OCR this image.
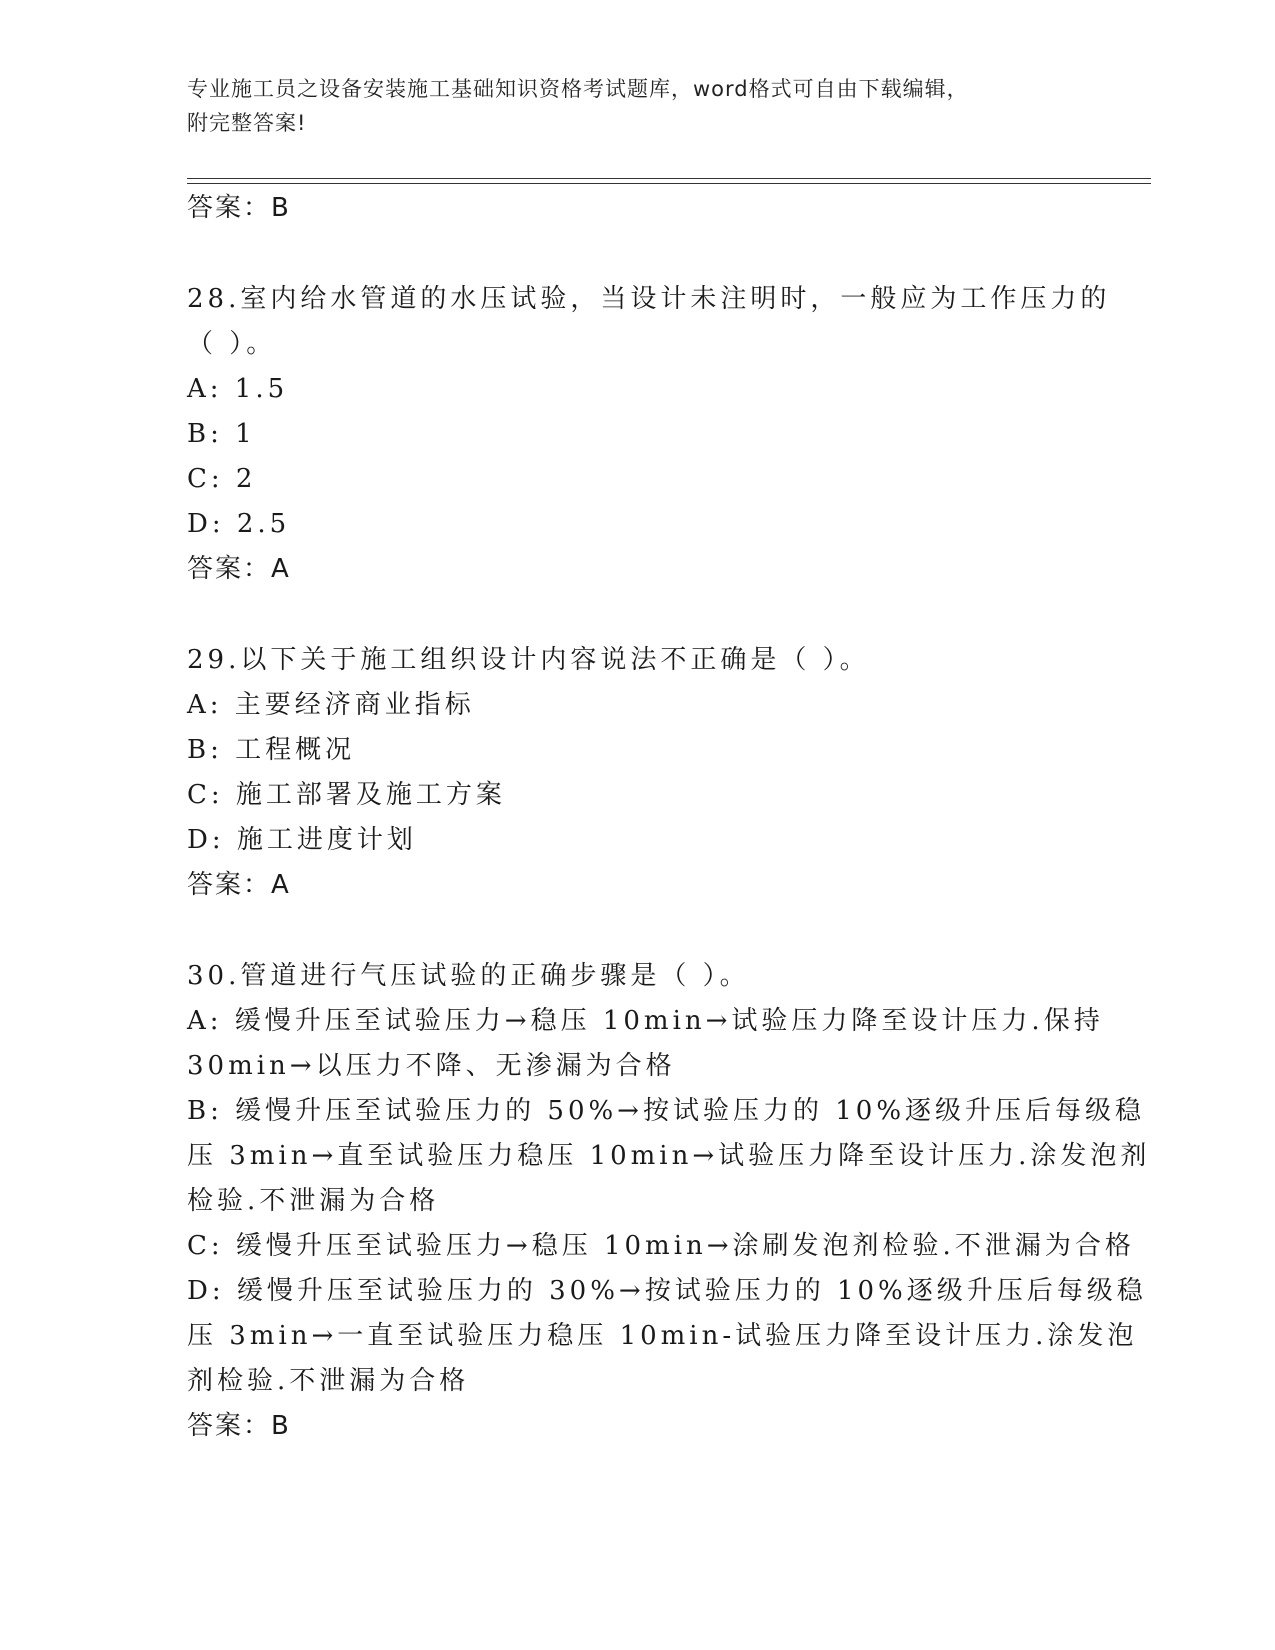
专业施工员之设备安装施工基础知识资格考试题库，word格式可自由下载编辑，
附完整答案!
答案：B
28.室内给水管道的水压试验，当设计未注明时，一般应为工作压力的
（ ）。
A: 1.5
B: 1
C: 2
D: 2.5
答案：A
29.以下关于施工组织设计内容说法不正确是（ ）。
A: 主要经济商业指标
B: 工程概况
C: 施工部署及施工方案
D: 施工进度计划
答案：A
30.管道进行气压试验的正确步骤是（ ）。
A: 缓慢升压至试验压力→稳压 10min→试验压力降至设计压力.保持
30min→以压力不降、无渗漏为合格
B: 缓慢升压至试验压力的 50%→按试验压力的 10%逐级升压后每级稳
压 3min→直至试验压力稳压 10min→试验压力降至设计压力.涂发泡剂
检验.不泄漏为合格
C: 缓慢升压至试验压力→稳压 10min→涂刷发泡剂检验.不泄漏为合格
D: 缓慢升压至试验压力的 30%→按试验压力的 10%逐级升压后每级稳
压 3min→一直至试验压力稳压 10min-试验压力降至设计压力.涂发泡
剂检验.不泄漏为合格
答案：B
